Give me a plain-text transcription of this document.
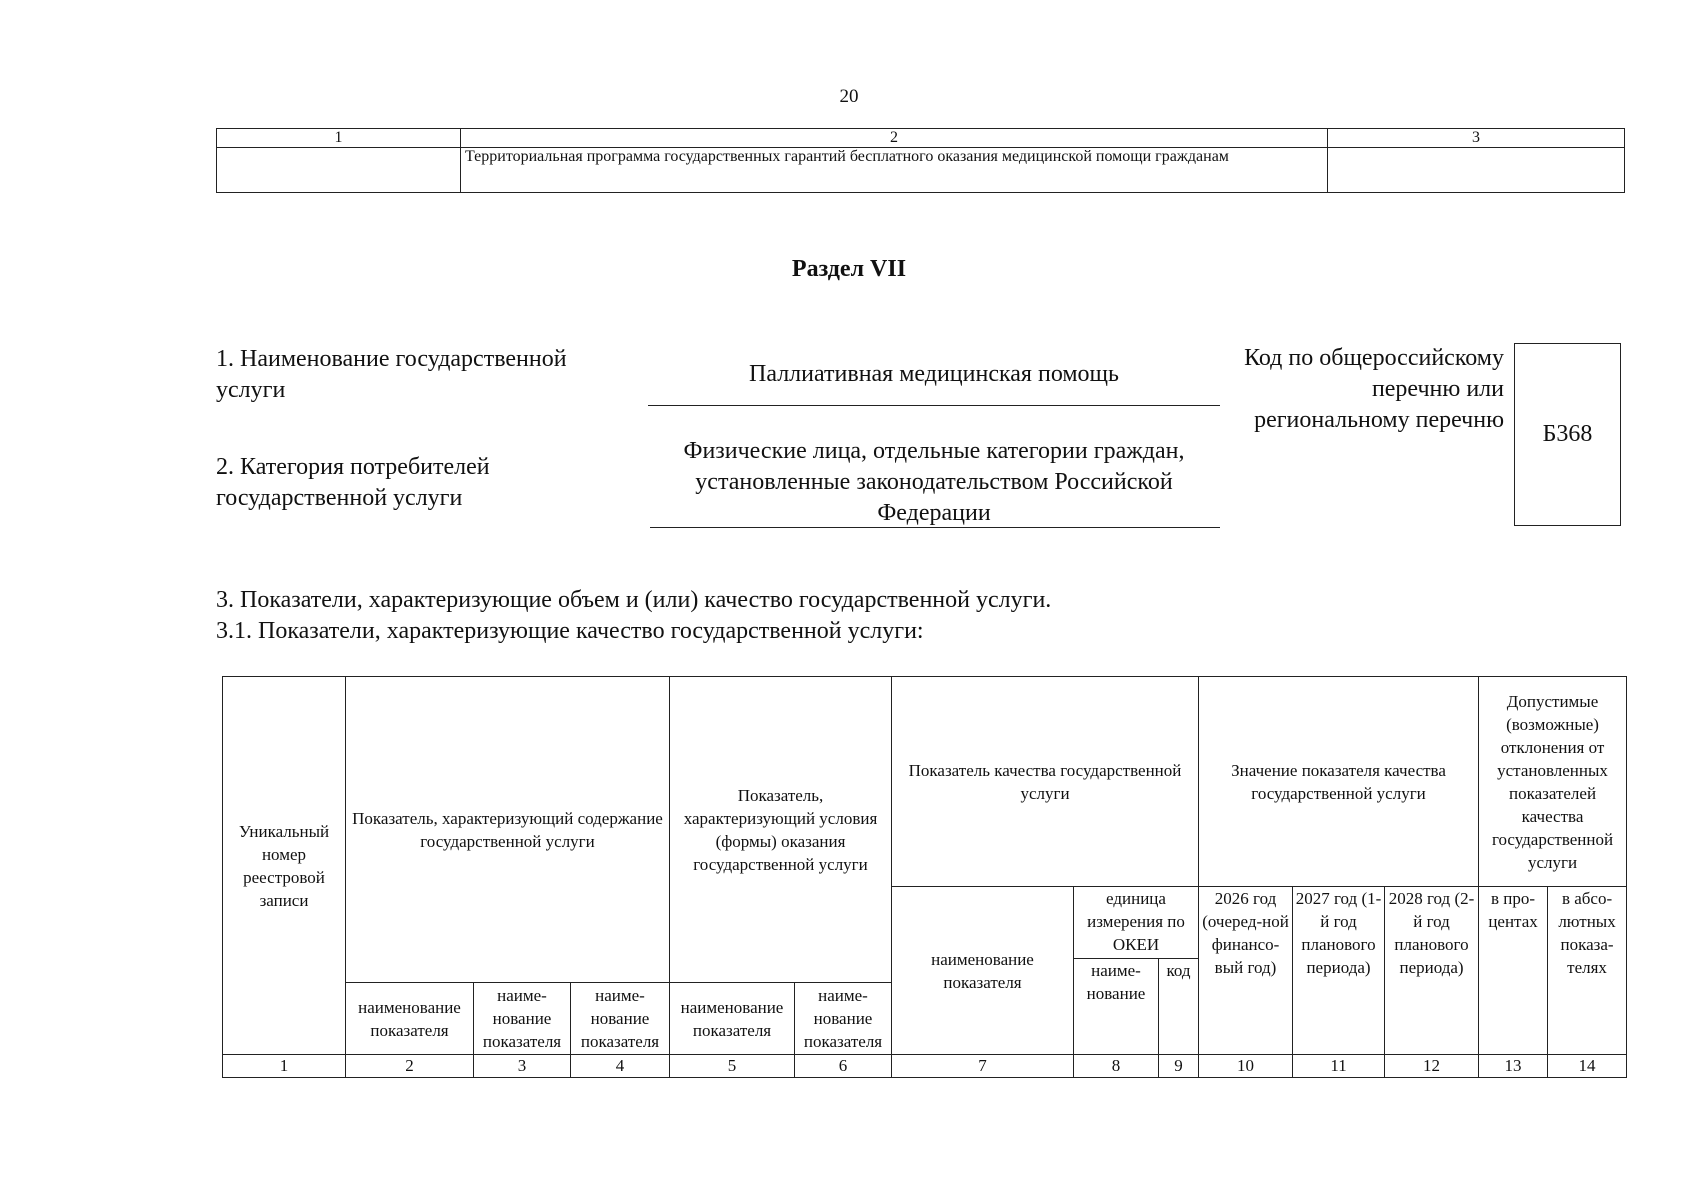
20
1	2	3
	Территориальная программа государственных гарантий бесплатного оказания медицинской помощи гражданам	
Раздел VII
1. Наименование государственной услуги
Паллиативная медицинская помощь
2. Категория потребителей государственной услуги
Физические лица, отдельные категории граждан, установленные законодательством Российской Федерации
Код по общероссийскому перечню или региональному перечню
Б368
3. Показатели, характеризующие объем и (или) качество государственной услуги.
3.1. Показатели, характеризующие качество государственной услуги:
Уникальный номер реестровой записи	Показатель, характеризующий содержание государственной услуги			Показатель, характеризующий условия (формы) оказания государственной услуги		Показатель качества государственной услуги			Значение показателя качества государственной услуги			Допустимые (возможные) отклонения от установленных показателей качества государственной услуги	
						наименование показателя	единица измерения по ОКЕИ		2026 год (очеред-ной финансо-вый год)	2027 год (1-й год планового периода)	2028 год (2-й год планового периода)	в про-центах	в абсо-лютных показа-телях
							наиме-нование	код					
	наименование показателя	наиме-нование показателя	наиме-нование показателя	наименование показателя	наиме-нование показателя								
1	2	3	4	5	6	7	8	9	10	11	12	13	14
